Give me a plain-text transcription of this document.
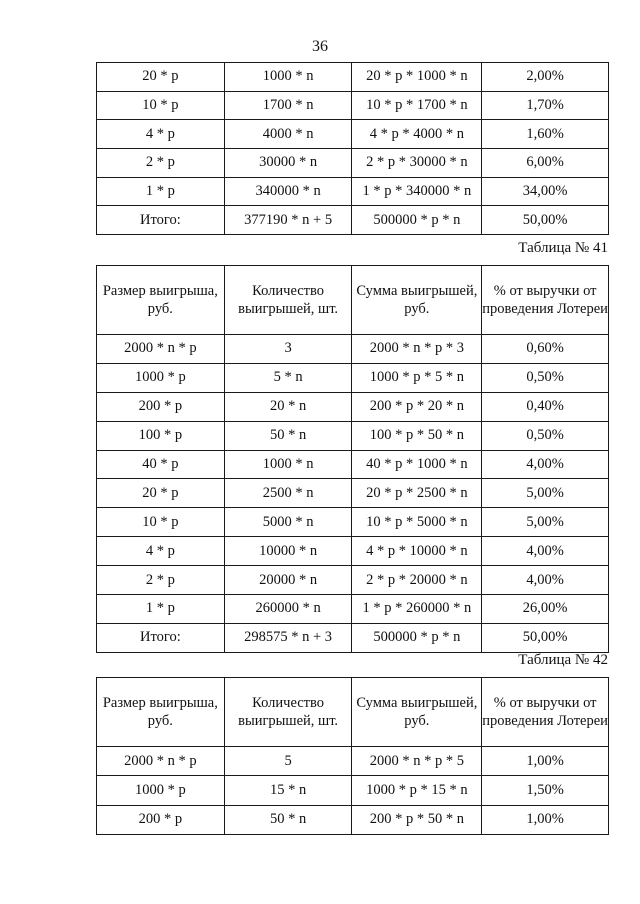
36
20 * p	1000 * n	20 * p * 1000 * n	2,00%
10 * p	1700 * n	10 * p * 1700 * n	1,70%
4 * p	4000 * n	4 * p * 4000 * n	1,60%
2 * p	30000 * n	2 * p * 30000 * n	6,00%
1 * p	340000 * n	1 * p * 340000 * n	34,00%
Итого:	377190 * n + 5	500000 * p * n	50,00%
Таблица № 41
Размер выигрыша, руб.	Количество выигрышей, шт.	Сумма выигрышей, руб.	% от выручки от проведения Лотереи
2000 * n * p	3	2000 * n * p * 3	0,60%
1000 * p	5 * n	1000 * p * 5 * n	0,50%
200 * p	20 * n	200 * p * 20 * n	0,40%
100 * p	50 * n	100 * p * 50 * n	0,50%
40 * p	1000 * n	40 * p * 1000 * n	4,00%
20 * p	2500 * n	20 * p * 2500 * n	5,00%
10 * p	5000 * n	10 * p * 5000 * n	5,00%
4 * p	10000 * n	4 * p * 10000 * n	4,00%
2 * p	20000 * n	2 * p * 20000 * n	4,00%
1 * p	260000 * n	1 * p * 260000 * n	26,00%
Итого:	298575 * n + 3	500000 * p * n	50,00%
Таблица № 42
Размер выигрыша, руб.	Количество выигрышей, шт.	Сумма выигрышей, руб.	% от выручки от проведения Лотереи
2000 * n * p	5	2000 * n * p * 5	1,00%
1000 * p	15 * n	1000 * p * 15 * n	1,50%
200 * p	50 * n	200 * p * 50 * n	1,00%
